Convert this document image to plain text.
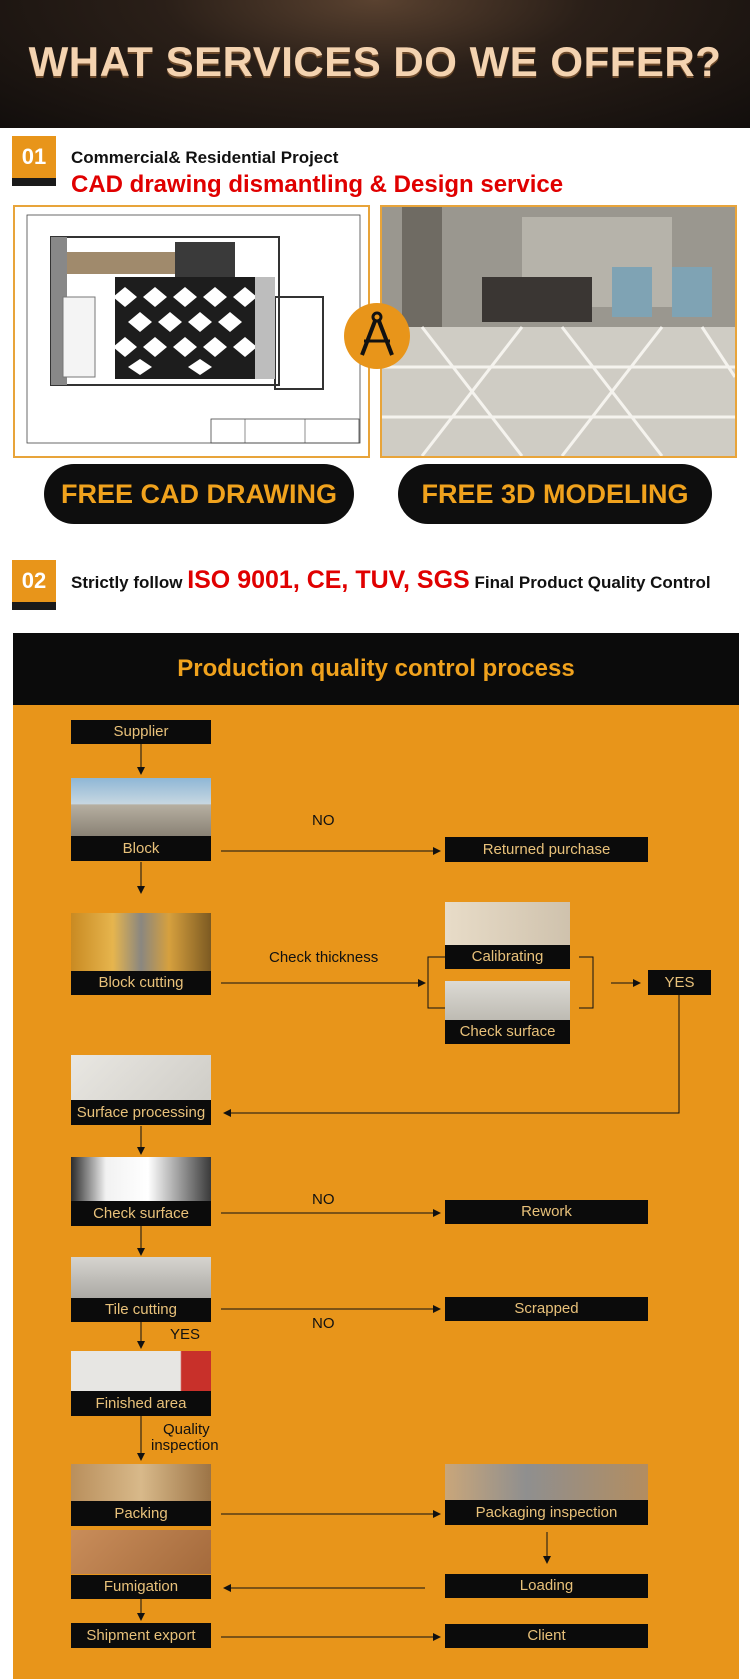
WHAT SERVICES DO WE OFFER?
01	Commercial& Residential Project
CAD drawing dismantling & Design service
FREE CAD DRAWING	FREE 3D MODELING
02	Strictly follow ISO 9001, CE, TUV, SGS Final Product Quality Control
Production quality control process
Supplier
Block	Returned purchase
Block cutting
Calibrating
Check surface
YES
Surface processing
Check surface	Rework
Tile cutting	Scrapped
Finished area
Packing	Packaging inspection
Fumigation	Loading
Shipment export	Client
NO
Check thickness
NO
NO
YES
Quality
inspection
